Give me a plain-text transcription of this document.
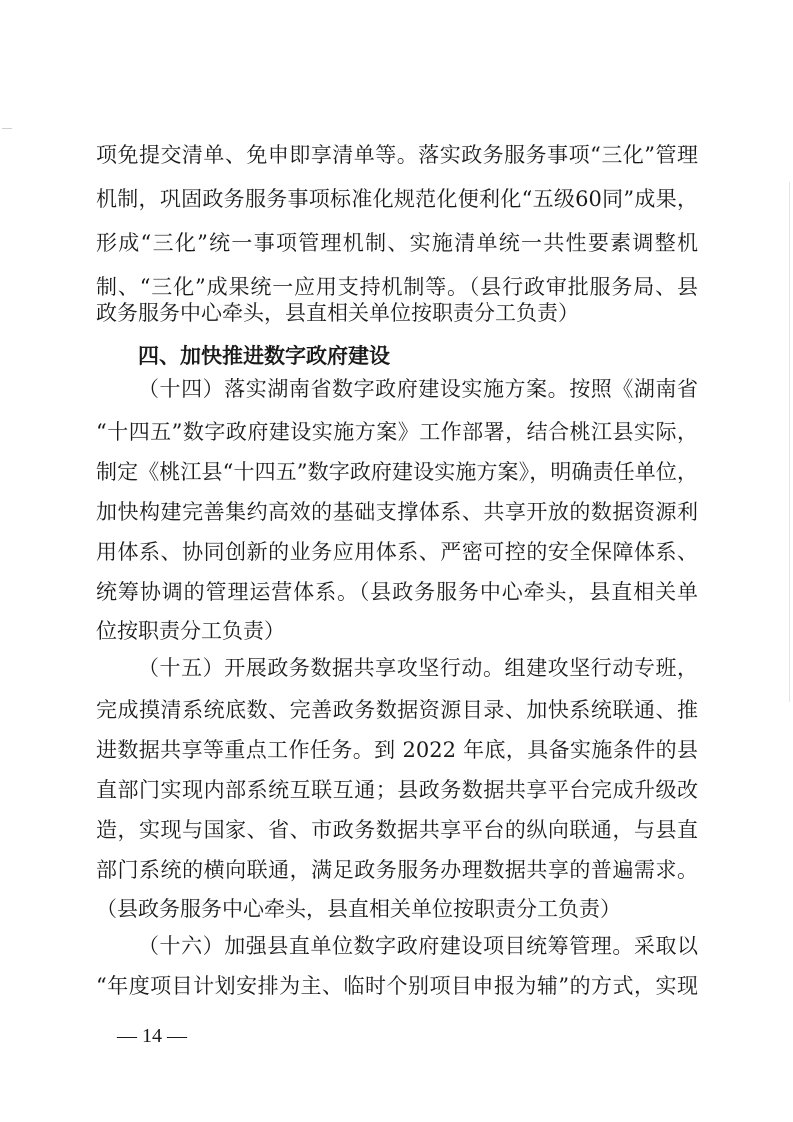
项免提交清单、免申即享清单等。落实政务服务事项“三化”管理
机制，巩固政务服务事项标准化规范化便利化“五级60同”成果，
形成“三化”统一事项管理机制、实施清单统一共性要素调整机
制、“三化”成果统一应用支持机制等。（县行政审批服务局、县
政务服务中心牵头，县直相关单位按职责分工负责）
四、加快推进数字政府建设
（十四）落实湖南省数字政府建设实施方案。按照《湖南省
“十四五”数字政府建设实施方案》工作部署，结合桃江县实际，
制定《桃江县“十四五”数字政府建设实施方案》，明确责任单位，
加快构建完善集约高效的基础支撑体系、共享开放的数据资源利
用体系、协同创新的业务应用体系、严密可控的安全保障体系、
统筹协调的管理运营体系。（县政务服务中心牵头，县直相关单
位按职责分工负责）
（十五）开展政务数据共享攻坚行动。组建攻坚行动专班，
完成摸清系统底数、完善政务数据资源目录、加快系统联通、推
进数据共享等重点工作任务。到 2022 年底，具备实施条件的县
直部门实现内部系统互联互通；县政务数据共享平台完成升级改
造，实现与国家、省、市政务数据共享平台的纵向联通，与县直
部门系统的横向联通，满足政务服务办理数据共享的普遍需求。
（县政务服务中心牵头，县直相关单位按职责分工负责）
（十六）加强县直单位数字政府建设项目统筹管理。采取以
“年度项目计划安排为主、临时个别项目申报为辅”的方式，实现
— 14 —
